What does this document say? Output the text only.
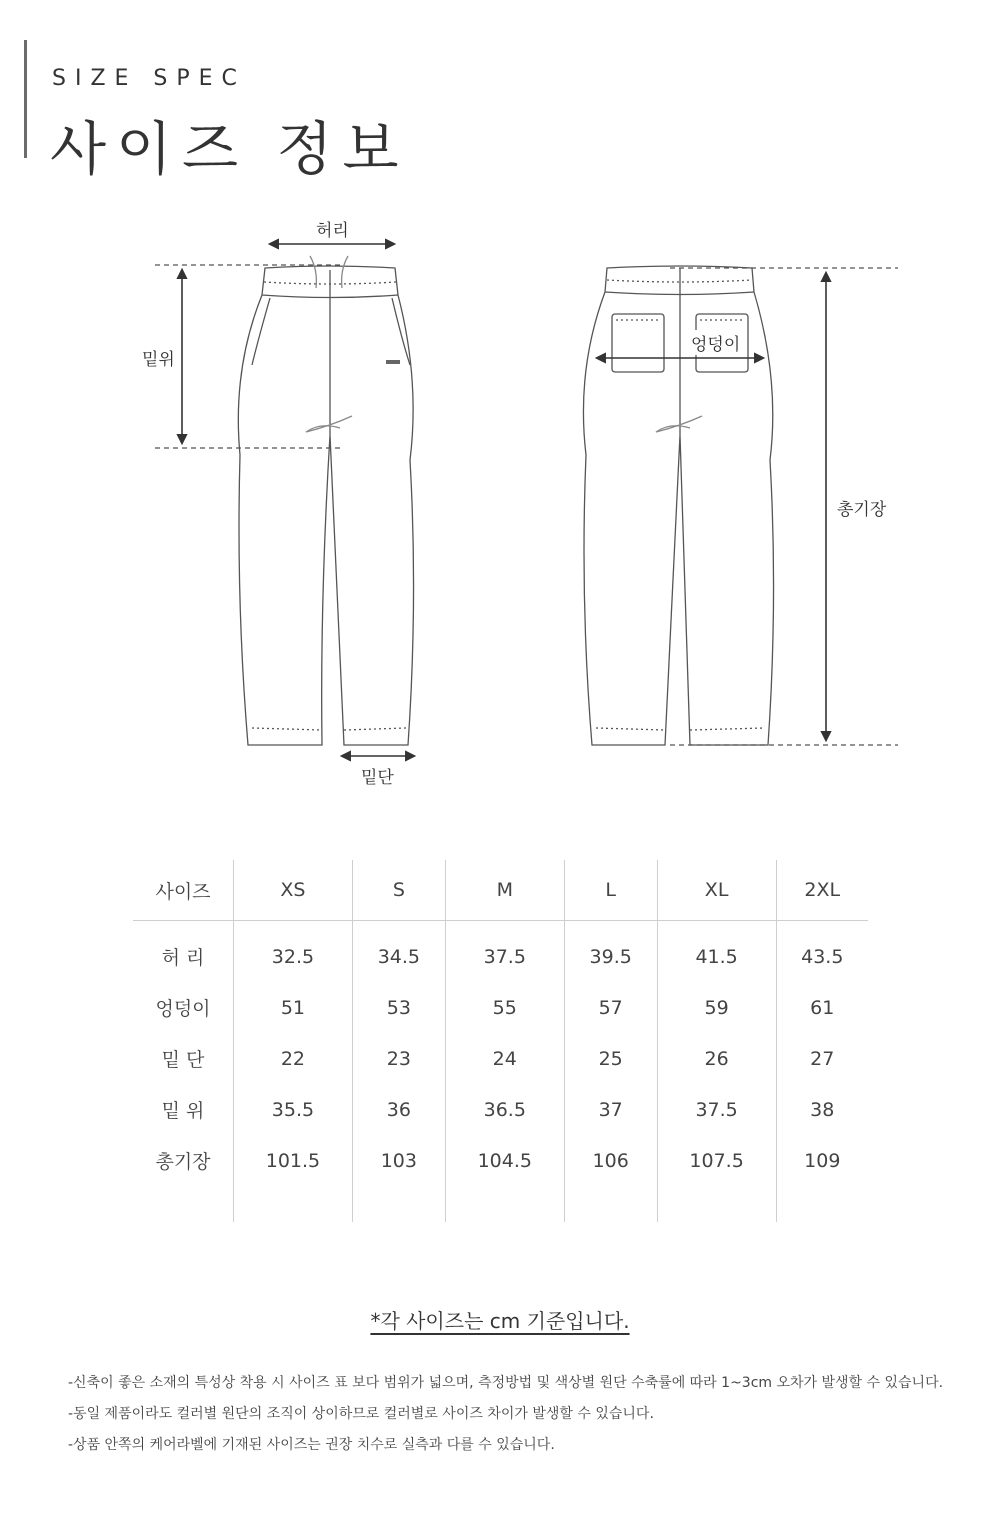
SIZE SPEC
사이즈 정보
허리
밑위
밑단
엉덩이
총기장
사이즈	XS	S	M	L	XL	2XL
허 리	32.5	34.5	37.5	39.5	41.5	43.5
엉덩이	51	53	55	57	59	61
밑 단	22	23	24	25	26	27
밑 위	35.5	36	36.5	37	37.5	38
총기장	101.5	103	104.5	106	107.5	109

*각 사이즈는 cm 기준입니다.
-신축이 좋은 소재의 특성상 착용 시 사이즈 표 보다 범위가 넓으며, 측정방법 및 색상별 원단 수축률에 따라 1~3cm 오차가 발생할 수 있습니다.
-동일 제품이라도 컬러별 원단의 조직이 상이하므로 컬러별로 사이즈 차이가 발생할 수 있습니다.
-상품 안쪽의 케어라벨에 기재된 사이즈는 권장 치수로 실측과 다를 수 있습니다.
